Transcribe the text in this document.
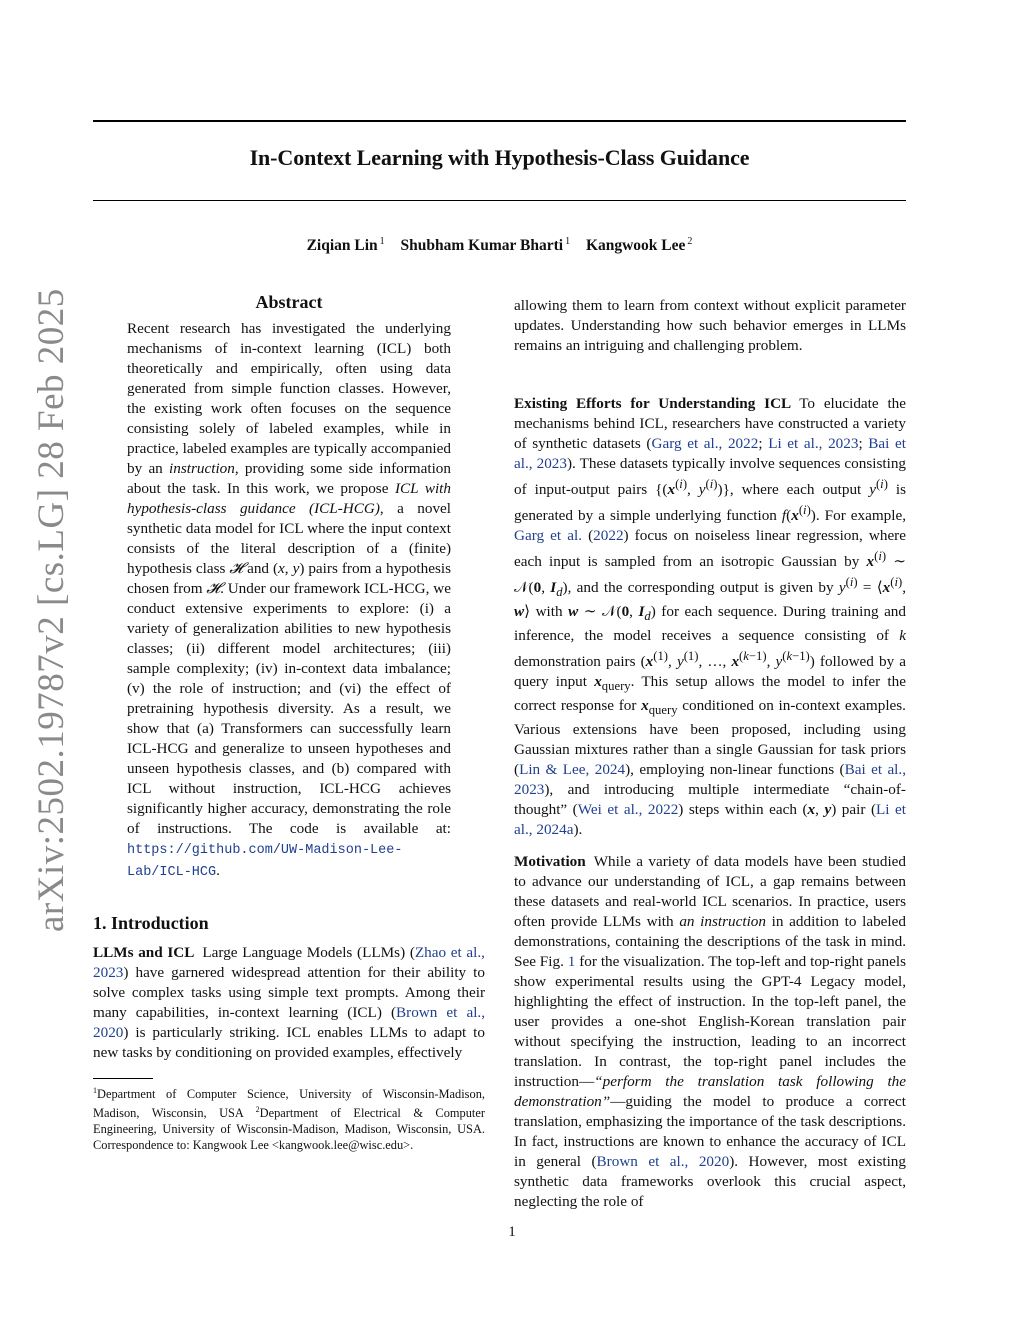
In-Context Learning with Hypothesis-Class Guidance
Ziqian Lin $^1$ Shubham Kumar Bharti $^1$ Kangwook Lee $^2$
arXiv:2502.19787v2 [cs.LG] 28 Feb 2025	Abstract
Recent research has investigated the underlying mechanisms of in-context learning (ICL) both theoretically and empirically, often using data generated from simple function classes. However, the existing work often focuses on the sequence consisting solely of labeled examples, while in practice, labeled examples are typically accompanied by an instruction, providing some side information about the task. In this work, we propose ICL with hypothesis-class guidance (ICL-HCG), a novel synthetic data model for ICL where the input context consists of the literal description of a (finite) hypothesis class 𝓗 and (x, y) pairs from a hypothesis chosen from 𝓗. Under our framework ICL-HCG, we conduct extensive experiments to explore: (i) a variety of generalization abilities to new hypothesis classes; (ii) different model architectures; (iii) sample complexity; (iv) in-context data imbalance; (v) the role of instruction; and (vi) the effect of pretraining hypothesis diversity. As a result, we show that (a) Transformers can successfully learn ICL-HCG and generalize to unseen hypotheses and unseen hypothesis classes, and (b) compared with ICL without instruction, ICL-HCG achieves significantly higher accuracy, demonstrating the role of instructions. The code is available at: https://github.com/UW-Madison-Lee-Lab/ICL-HCG.
1. Introduction

LLMs and ICL Large Language Models (LLMs) (Zhao et al., 2023) have garnered widespread attention for their ability to solve complex tasks using simple text prompts. Among their many capabilities, in-context learning (ICL) (Brown et al., 2020) is particularly striking. ICL enables LLMs to adapt to new tasks by conditioning on provided examples, effectively

$^1$Department of Computer Science, University of Wisconsin-Madison, Madison, Wisconsin, USA $^2$Department of Electrical & Computer Engineering, University of Wisconsin-Madison, Madison, Wisconsin, USA. Correspondence to: Kangwook Lee <kangwook.lee@wisc.edu>.

allowing them to learn from context without explicit parameter updates. Understanding how such behavior emerges in LLMs remains an intriguing and challenging problem.

Existing Efforts for Understanding ICL To elucidate the mechanisms behind ICL, researchers have constructed a variety of synthetic datasets (Garg et al., 2022; Li et al., 2023; Bai et al., 2023). These datasets typically involve sequences consisting of input-output pairs {($x^{(i)}$, $y^{(i)}$)}, where each output $y^{(i)}$ is generated by a simple underlying function $f(x^{(i)})$. For example, Garg et al. (2022) focus on noiseless linear regression, where each input is sampled from an isotropic Gaussian by $x^{(i)}$ ∼ 𝒩(0, $I_d$), and the corresponding output is given by $y^{(i)}$ = $⟨x^{(i)}$, w⟩ with w ∼ 𝒩(0, $I_d$) for each sequence. During training and inference, the model receives a sequence consisting of k demonstration pairs ($x^{(1)}$, $y^{(1)}$, …, $x^{(k-1)}$, $y^{(k-1)}$) followed by a query input $x_{query}$. This setup allows the model to infer the correct response for $x_{query}$ conditioned on in-context examples. Various extensions have been proposed, including using Gaussian mixtures rather than a single Gaussian for task priors (Lin & Lee, 2024), employing non-linear functions (Bai et al., 2023), and introducing multiple intermediate “chain-of-thought” (Wei et al., 2022) steps within each (x, y) pair (Li et al., 2024a).

Motivation While a variety of data models have been studied to advance our understanding of ICL, a gap remains between these datasets and real-world ICL scenarios. In practice, users often provide LLMs with an instruction in addition to labeled demonstrations, containing the descriptions of the task in mind. See Fig. 1 for the visualization. The top-left and top-right panels show experimental results using the GPT-4 Legacy model, highlighting the effect of instruction. In the top-left panel, the user provides a one-shot English-Korean translation pair without specifying the instruction, leading to an incorrect translation. In contrast, the top-right panel includes the instruction—“perform the translation task following the demonstration”—guiding the model to produce a correct translation, emphasizing the importance of the task descriptions. In fact, instructions are known to enhance the accuracy of ICL in general (Brown et al., 2020). However, most existing synthetic data frameworks overlook this crucial aspect, neglecting the role of

1
